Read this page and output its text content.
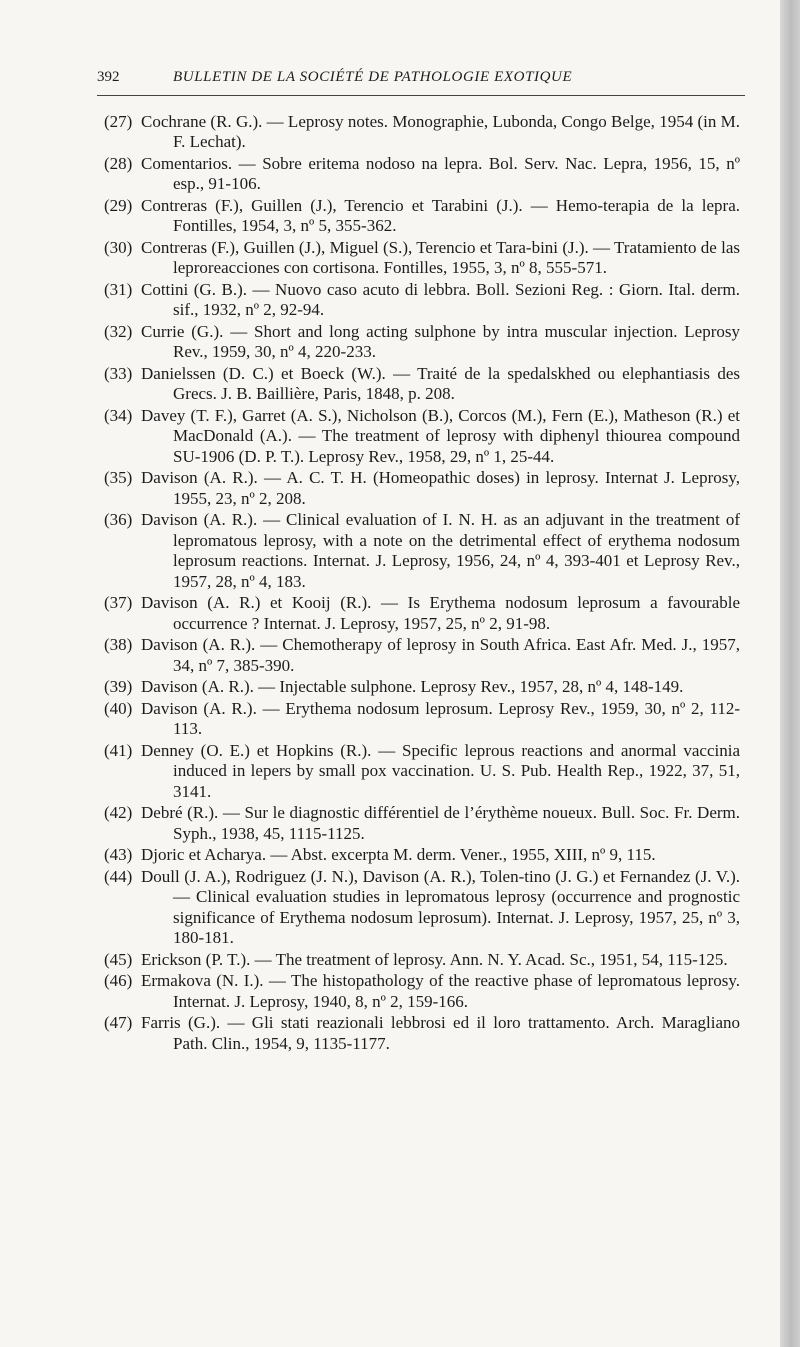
392	BULLETIN DE LA SOCIÉTÉ DE PATHOLOGIE EXOTIQUE

(27) Cochrane (R. G.). — Leprosy notes. Monographie, Lubonda, Congo Belge, 1954 (in M. F. Lechat).

(28) Comentarios. — Sobre eritema nodoso na lepra. Bol. Serv. Nac. Lepra, 1956, 15, nº esp., 91-106.

(29) Contreras (F.), Guillen (J.), Terencio et Tarabini (J.). — Hemo-terapia de la lepra. Fontilles, 1954, 3, nº 5, 355-362.

(30) Contreras (F.), Guillen (J.), Miguel (S.), Terencio et Tara-bini (J.). — Tratamiento de las leproreacciones con cortisona. Fontilles, 1955, 3, nº 8, 555-571.

(31) Cottini (G. B.). — Nuovo caso acuto di lebbra. Boll. Sezioni Reg. : Giorn. Ital. derm. sif., 1932, nº 2, 92-94.

(32) Currie (G.). — Short and long acting sulphone by intra muscular injection. Leprosy Rev., 1959, 30, nº 4, 220-233.

(33) Danielssen (D. C.) et Boeck (W.). — Traité de la spedalskhed ou elephantiasis des Grecs. J. B. Baillière, Paris, 1848, p. 208.

(34) Davey (T. F.), Garret (A. S.), Nicholson (B.), Corcos (M.), Fern (E.), Matheson (R.) et MacDonald (A.). — The treatment of leprosy with diphenyl thiourea compound SU-1906 (D. P. T.). Leprosy Rev., 1958, 29, nº 1, 25-44.

(35) Davison (A. R.). — A. C. T. H. (Homeopathic doses) in leprosy. Internat J. Leprosy, 1955, 23, nº 2, 208.

(36) Davison (A. R.). — Clinical evaluation of I. N. H. as an adjuvant in the treatment of lepromatous leprosy, with a note on the detrimental effect of erythema nodosum leprosum reactions. Internat. J. Leprosy, 1956, 24, nº 4, 393-401 et Leprosy Rev., 1957, 28, nº 4, 183.

(37) Davison (A. R.) et Kooij (R.). — Is Erythema nodosum leprosum a favourable occurrence ? Internat. J. Leprosy, 1957, 25, nº 2, 91-98.

(38) Davison (A. R.). — Chemotherapy of leprosy in South Africa. East Afr. Med. J., 1957, 34, nº 7, 385-390.

(39) Davison (A. R.). — Injectable sulphone. Leprosy Rev., 1957, 28, nº 4, 148-149.

(40) Davison (A. R.). — Erythema nodosum leprosum. Leprosy Rev., 1959, 30, nº 2, 112-113.

(41) Denney (O. E.) et Hopkins (R.). — Specific leprous reactions and anormal vaccinia induced in lepers by small pox vaccination. U. S. Pub. Health Rep., 1922, 37, 51, 3141.

(42) Debré (R.). — Sur le diagnostic différentiel de l’érythème noueux. Bull. Soc. Fr. Derm. Syph., 1938, 45, 1115-1125.

(43) Djoric et Acharya. — Abst. excerpta M. derm. Vener., 1955, XIII, nº 9, 115.

(44) Doull (J. A.), Rodriguez (J. N.), Davison (A. R.), Tolen-tino (J. G.) et Fernandez (J. V.). — Clinical evaluation studies in lepromatous leprosy (occurrence and prognostic significance of Erythema nodosum leprosum). Internat. J. Leprosy, 1957, 25, nº 3, 180-181.

(45) Erickson (P. T.). — The treatment of leprosy. Ann. N. Y. Acad. Sc., 1951, 54, 115-125.

(46) Ermakova (N. I.). — The histopathology of the reactive phase of lepromatous leprosy. Internat. J. Leprosy, 1940, 8, nº 2, 159-166.

(47) Farris (G.). — Gli stati reazionali lebbrosi ed il loro trattamento. Arch. Maragliano Path. Clin., 1954, 9, 1135-1177.
